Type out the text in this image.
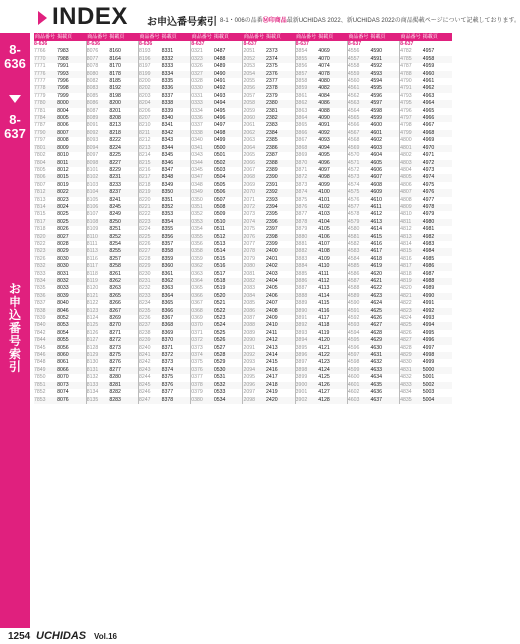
8-636
8-637
お申込番号索引
INDEX お申込番号索引 8-1・006の品番Ⓜ印商品最新UCHIDAS 2022、新UCHIDAS 2022の商品掲載ページについて記載しております。
商品番号	掲載頁	商品番号	掲載頁	商品番号	掲載頁	商品番号	掲載頁	商品番号	掲載頁	商品番号	掲載頁	商品番号	掲載頁	商品番号	掲載頁
8-636		8-636		8-636		8-637		8-637		8-637		8-637		8-637	
7766	7983	8076	8160	8193	8331	0321	0487	2051	2373	3854	4069	4556	4590	4782	4957
7770	7988	8077	8164	8196	8332	0323	0488	2052	2374	3855	4070	4557	4591	4785	4958
7771	7991	8078	8170	8197	8333	0326	0489	2053	2375	3856	4074	4558	4592	4787	4959
7776	7993	8080	8178	8199	8334	0327	0490	2054	2376	3857	4078	4559	4593	4788	4960
7777	7996	8082	8185	8200	8335	0328	0491	2055	2377	3858	4080	4560	4594	4790	4961
7778	7998	8083	8192	8202	8336	0330	0492	2056	2378	3859	4082	4561	4595	4791	4962
7779	7999	8085	8198	8203	8337	0331	0493	2057	2379	3861	4084	4562	4596	4793	4963
7780	8000	8086	8200	8204	8338	0333	0494	2058	2380	3862	4086	4563	4597	4795	4964
7781	8004	8087	8201	8206	8339	0334	0495	2059	2381	3863	4088	4564	4598	4796	4965
7784	8005	8089	8208	8207	8340	0336	0496	2060	2382	3864	4090	4565	4599	4797	4966
7787	8006	8091	8213	8210	8341	0337	0497	2061	2383	3865	4091	4566	4600	4798	4967
7790	8007	8092	8218	8211	8342	0338	0498	2062	2384	3866	4092	4567	4601	4799	4968
7797	8008	8093	8222	8212	8343	0340	0499	2063	2385	3867	4093	4568	4602	4800	4969
7801	8009	8094	8224	8213	8344	0341	0500	2064	2386	3868	4094	4569	4603	4801	4970
7802	8010	8097	8225	8214	8345	0343	0501	2065	2387	3869	4095	4570	4604	4802	4971
7804	8011	8098	8227	8215	8346	0344	0502	2066	2388	3870	4096	4571	4605	4803	4972
7805	8012	8101	8229	8216	8347	0345	0503	2067	2389	3871	4097	4572	4606	4804	4973
7806	8015	8102	8231	8217	8348	0347	0504	2068	2390	3872	4098	4573	4607	4805	4974
7807	8019	8103	8233	8218	8349	0348	0505	2069	2391	3873	4099	4574	4608	4806	4975
7812	8022	8104	8237	8219	8350	0349	0506	2070	2392	3874	4100	4575	4609	4807	4976
7813	8023	8105	8241	8220	8351	0350	0507	2071	2393	3875	4101	4576	4610	4808	4977
7814	8024	8106	8245	8221	8352	0351	0508	2072	2394	3876	4102	4577	4611	4809	4978
7815	8025	8107	8249	8222	8353	0352	0509	2073	2395	3877	4103	4578	4612	4810	4979
7817	8025	8108	8250	8223	8354	0353	0510	2074	2396	3878	4104	4579	4613	4811	4980
7818	8026	8109	8251	8224	8355	0354	0511	2075	2397	3879	4105	4580	4614	4812	4981
7820	8027	8110	8252	8225	8356	0355	0512	2076	2398	3880	4106	4581	4615	4813	4982
7822	8028	8111	8254	8226	8357	0356	0513	2077	2399	3881	4107	4582	4616	4814	4983
7823	8029	8113	8255	8227	8358	0358	0514	2078	2400	3882	4108	4583	4617	4815	4984
7826	8030	8116	8257	8228	8359	0359	0515	2079	2401	3883	4109	4584	4618	4816	4985
7832	8030	8117	8258	8229	8360	0362	0516	2080	2402	3884	4110	4585	4619	4817	4986
7833	8031	8118	8261	8230	8361	0363	0517	2081	2403	3885	4111	4586	4620	4818	4987
7834	8032	8119	8262	8231	8362	0364	0518	2082	2404	3886	4112	4587	4621	4819	4988
7835	8033	8120	8263	8232	8363	0365	0519	2083	2405	3887	4113	4588	4622	4820	4989
7836	8039	8121	8265	8233	8364	0366	0520	2084	2406	3888	4114	4589	4623	4821	4990
7837	8040	8122	8266	8234	8365	0367	0521	2085	2407	3889	4115	4590	4624	4822	4991
7838	8046	8123	8267	8235	8366	0368	0522	2086	2408	3890	4116	4591	4625	4823	4992
7839	8052	8124	8269	8236	8367	0369	0523	2087	2409	3891	4117	4592	4626	4824	4993
7840	8053	8125	8270	8237	8368	0370	0524	2088	2410	3892	4118	4593	4627	4825	4994
7842	8054	8126	8271	8238	8369	0371	0525	2089	2411	3893	4119	4594	4628	4826	4995
7844	8055	8127	8272	8239	8370	0372	0526	2090	2412	3894	4120	4595	4629	4827	4996
7845	8056	8128	8273	8240	8371	0373	0527	2091	2413	3895	4121	4596	4630	4828	4997
7846	8060	8129	8275	8241	8372	0374	0528	2092	2414	3896	4122	4597	4631	4829	4998
7848	8061	8130	8276	8242	8373	0375	0529	2093	2415	3897	4123	4598	4632	4830	4999
7849	8066	8131	8277	8243	8374	0376	0530	2094	2416	3898	4124	4599	4633	4831	5000
7850	8070	8132	8280	8244	8375	0377	0531	2095	2417	3899	4125	4600	4634	4832	5001
7851	8073	8133	8281	8245	8376	0378	0532	2096	2418	3900	4126	4601	4635	4833	5002
7852	8074	8134	8282	8246	8377	0379	0533	2097	2419	3901	4127	4602	4636	4834	5003
7853	8076	8135	8283	8247	8378	0380	0534	2098	2420	3902	4128	4603	4637	4835	5004
1254 UCHIDAS Vol.16
